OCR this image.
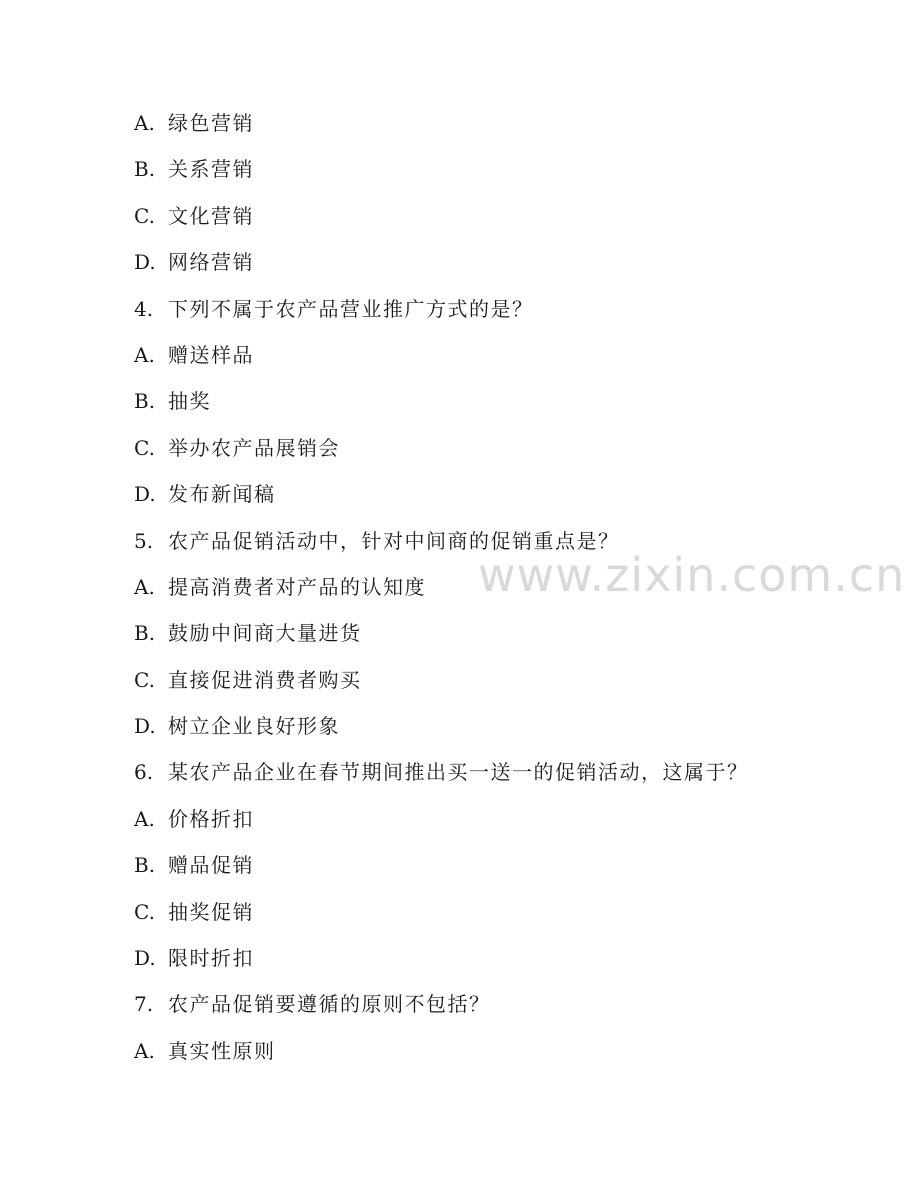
A. 绿色营销
B. 关系营销
C. 文化营销
D. 网络营销
4. 下列不属于农产品营业推广方式的是？
A. 赠送样品
B. 抽奖
C. 举办农产品展销会
D. 发布新闻稿
5. 农产品促销活动中，针对中间商的促销重点是？
A. 提高消费者对产品的认知度
B. 鼓励中间商大量进货
C. 直接促进消费者购买
D. 树立企业良好形象
6. 某农产品企业在春节期间推出买一送一的促销活动，这属于？
A. 价格折扣
B. 赠品促销
C. 抽奖促销
D. 限时折扣
7. 农产品促销要遵循的原则不包括？
A. 真实性原则
www.zixin.com.cn
